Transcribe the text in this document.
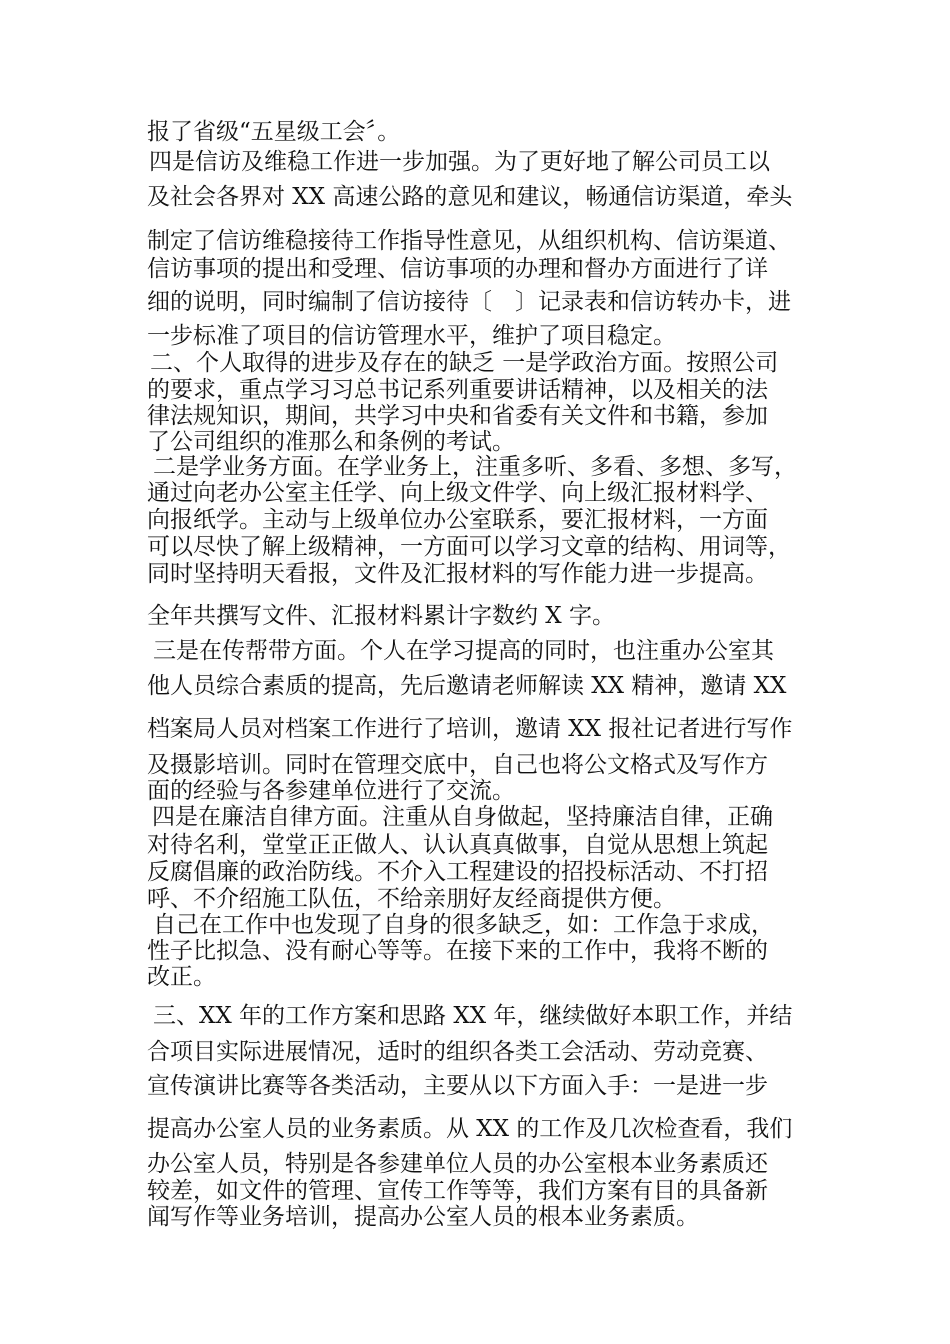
报了省级“五星级工会〞。

四是信访及维稳工作进一步加强。为了更好地了解公司员工以

及社会各界对 XX 高速公路的意见和建议，畅通信访渠道，牵头

制定了信访维稳接待工作指导性意见，从组织机构、信访渠道、

信访事项的提出和受理、信访事项的办理和督办方面进行了详

细的说明，同时编制了信访接待〔　〕记录表和信访转办卡，进

一步标准了项目的信访管理水平，维护了项目稳定。

二、个人取得的进步及存在的缺乏 一是学政治方面。按照公司

的要求，重点学习习总书记系列重要讲话精神，以及相关的法

律法规知识，期间，共学习中央和省委有关文件和书籍，参加

了公司组织的准那么和条例的考试。

二是学业务方面。在学业务上，注重多听、多看、多想、多写，

通过向老办公室主任学、向上级文件学、向上级汇报材料学、

向报纸学。主动与上级单位办公室联系，要汇报材料，一方面

可以尽快了解上级精神，一方面可以学习文章的结构、用词等，

同时坚持明天看报，文件及汇报材料的写作能力进一步提高。

全年共撰写文件、汇报材料累计字数约 X 字。

三是在传帮带方面。个人在学习提高的同时，也注重办公室其

他人员综合素质的提高，先后邀请老师解读 XX 精神，邀请 XX

档案局人员对档案工作进行了培训，邀请 XX 报社记者进行写作

及摄影培训。同时在管理交底中，自己也将公文格式及写作方

面的经验与各参建单位进行了交流。

四是在廉洁自律方面。注重从自身做起，坚持廉洁自律，正确

对待名利，堂堂正正做人、认认真真做事，自觉从思想上筑起

反腐倡廉的政治防线。不介入工程建设的招投标活动、不打招

呼、不介绍施工队伍，不给亲朋好友经商提供方便。

自己在工作中也发现了自身的很多缺乏，如：工作急于求成，

性子比拟急、没有耐心等等。在接下来的工作中，我将不断的

改正。

三、XX 年的工作方案和思路 XX 年，继续做好本职工作，并结

合项目实际进展情况，适时的组织各类工会活动、劳动竞赛、

宣传演讲比赛等各类活动，主要从以下方面入手：一是进一步

提高办公室人员的业务素质。从 XX 的工作及几次检查看，我们

办公室人员，特别是各参建单位人员的办公室根本业务素质还

较差，如文件的管理、宣传工作等等，我们方案有目的具备新

闻写作等业务培训，提高办公室人员的根本业务素质。
